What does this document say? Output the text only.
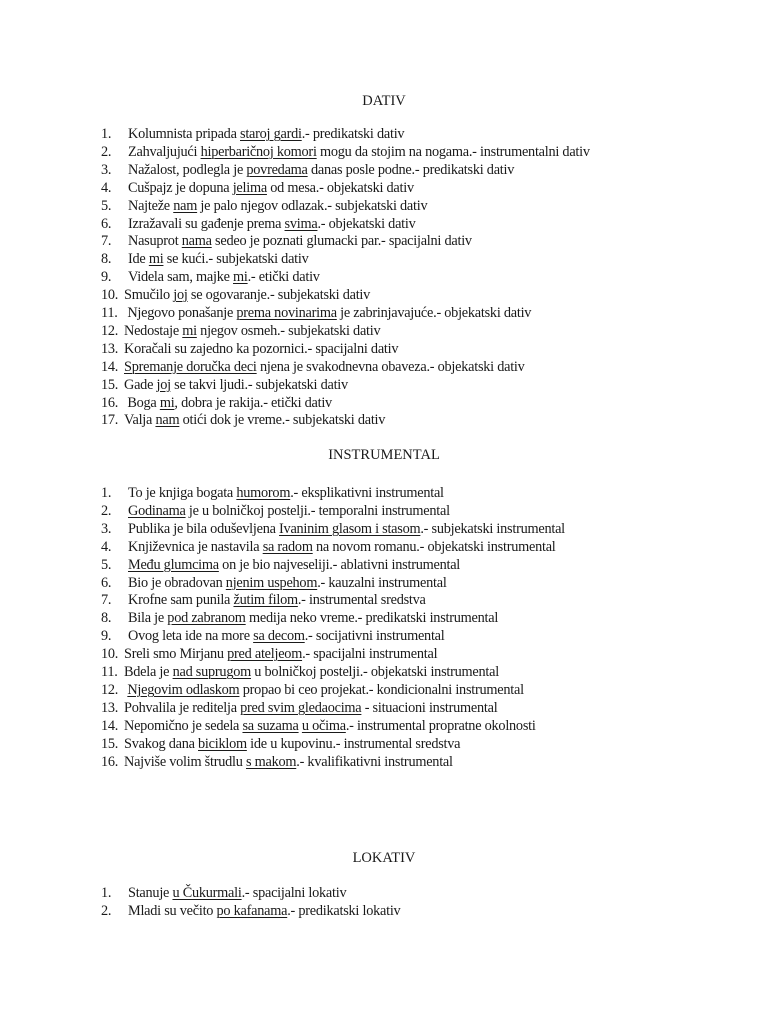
DATIV
1. Kolumnista pripada staroj gardi.- predikatski dativ
2. Zahvaljujući hiperbaričnoj komori mogu da stojim na nogama.- instrumentalni dativ
3. Nažalost, podlegla je povredama danas posle podne.- predikatski dativ
4. Cušpajz je dopuna jelima od mesa.- objekatski dativ
5. Najteže nam je palo njegov odlazak.- subjekatski dativ
6. Izražavali su gađenje prema svima.- objekatski dativ
7. Nasuprot nama sedeo je poznati glumacki par.- spacijalni dativ
8. Ide mi se kući.- subjekatski dativ
9. Videla sam, majke mi.- etički dativ
10. Smučilo joj se ogovaranje.- subjekatski dativ
11. Njegovo ponašanje prema novinarima je zabrinjavajuće.- objekatski dativ
12. Nedostaje mi njegov osmeh.- subjekatski dativ
13. Koračali su zajedno ka pozornici.- spacijalni dativ
14. Spremanje doručka deci njena je svakodnevna obaveza.- objekatski dativ
15. Gade joj se takvi ljudi.- subjekatski dativ
16. Boga mi, dobra je rakija.- etički dativ
17. Valja nam otići dok je vreme.- subjekatski dativ
INSTRUMENTAL
1. To je knjiga bogata humorom.- eksplikativni instrumental
2. Godinama je u bolničkoj postelji.- temporalni instrumental
3. Publika je bila oduševljena Ivaninim glasom i stasom.- subjekatski instrumental
4. Književnica je nastavila sa radom na novom romanu.- objekatski instrumental
5. Među glumcima on je bio najveseliji.- ablativni instrumental
6. Bio je obradovan njenim uspehom.- kauzalni instrumental
7. Krofne sam punila žutim filom.- instrumental sredstva
8. Bila je pod zabranom medija neko vreme.- predikatski instrumental
9. Ovog leta ide na more sa decom.- socijativni instrumental
10. Sreli smo Mirjanu pred ateljeom.- spacijalni instrumental
11. Bdela je nad suprugom u bolničkoj postelji.- objekatski instrumental
12. Njegovim odlaskom propao bi ceo projekat.- kondicionalni instrumental
13. Pohvalila je reditelja pred svim gledaocima - situacioni instrumental
14. Nepomično je sedela sa suzama u očima.- instrumental propratne okolnosti
15. Svakog dana biciklom ide u kupovinu.- instrumental sredstva
16. Najviše volim štrudlu s makom.- kvalifikativni instrumental
LOKATIV
1. Stanuje u Čukurmali.- spacijalni lokativ
2. Mladi su večito po kafanama.- predikatski lokativ
